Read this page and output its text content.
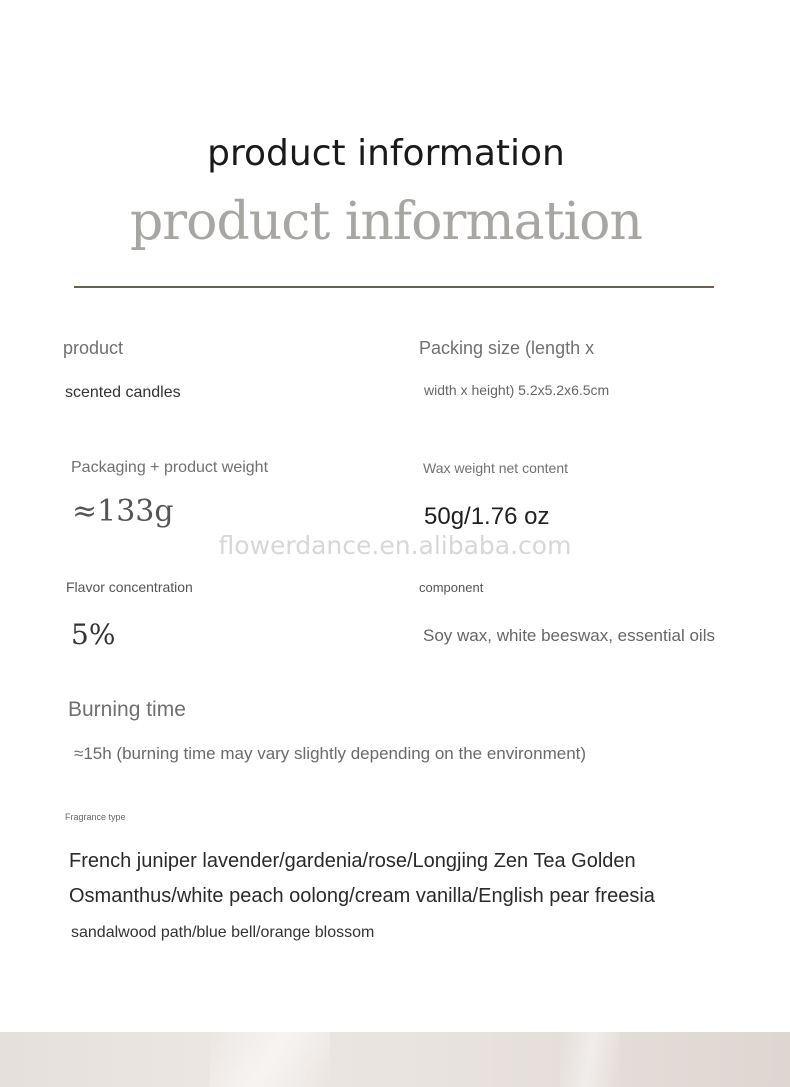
product information
product information
product
scented candles
Packing size (length x
width x height) 5.2x5.2x6.5cm
Packaging + product weight
≈133g
Wax weight net content
50g/1.76 oz
flowerdance.en.alibaba.com
Flavor concentration
5%
component
Soy wax, white beeswax, essential oils
Burning time
≈15h (burning time may vary slightly depending on the environment)
Fragrance type
French juniper lavender/gardenia/rose/Longjing Zen Tea Golden
Osmanthus/white peach oolong/cream vanilla/English pear freesia
sandalwood path/blue bell/orange blossom
